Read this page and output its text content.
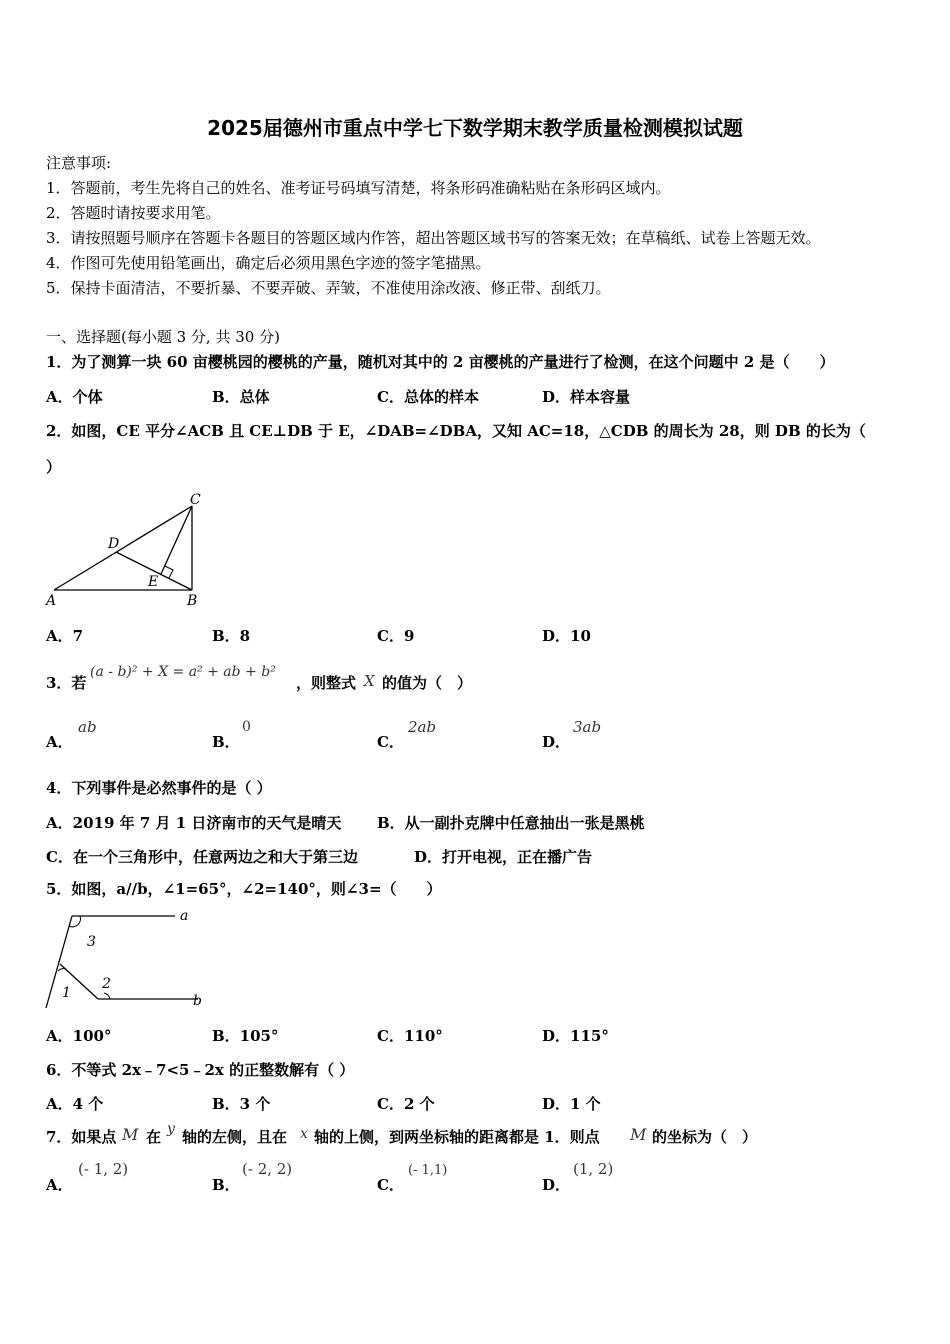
2025届德州市重点中学七下数学期末教学质量检测模拟试题
注意事项:
1．答题前，考生先将自己的姓名、准考证号码填写清楚，将条形码准确粘贴在条形码区域内。
2．答题时请按要求用笔。
3．请按照题号顺序在答题卡各题目的答题区域内作答，超出答题区域书写的答案无效；在草稿纸、试卷上答题无效。
4．作图可先使用铅笔画出，确定后必须用黑色字迹的签字笔描黑。
5．保持卡面清洁，不要折暴、不要弄破、弄皱，不准使用涂改液、修正带、刮纸刀。
一、选择题(每小题 3 分, 共 30 分)
1．为了测算一块 60 亩樱桃园的樱桃的产量，随机对其中的 2 亩樱桃的产量进行了检测，在这个问题中 2 是（　　）
A．个体	B．总体	C．总体的样本	D．样本容量
2．如图，CE 平分∠ACB 且 CE⊥DB 于 E，∠DAB=∠DBA，又知 AC=18，△CDB 的周长为 28，则 DB 的长为（
）
A	B
C
D
E
A．7	B．8	C．9	D．10
3．若
(a - b)² + X = a² + ab + b²
，则整式 X 的值为（　）
A．
ab
B．
0
C．
2ab
D．
3ab
4．下列事件是必然事件的是（ ）
A．2019 年 7 月 1 日济南市的天气是晴天 B．从一副扑克牌中任意抽出一张是黑桃
C．在一个三角形中，任意两边之和大于第三边	D．打开电视，正在播广告
5．如图，a//b，∠1=65°，∠2=140°，则∠3=（　　）
a
b
1
2
3
A．100°	B．105°	C．110°	D．115°
6．不等式 2x﹣7<5﹣2x 的正整数解有（ ）
A．4 个	B．3 个	C．2 个	D．1 个
7．如果点 M 在 y 轴的左侧，且在 x 轴的上侧，到两坐标轴的距离都是 1．则点 M 的坐标为（　）
A．
(- 1, 2)
B．
(- 2, 2)
C．
(- 1,1)
D．
(1, 2)
